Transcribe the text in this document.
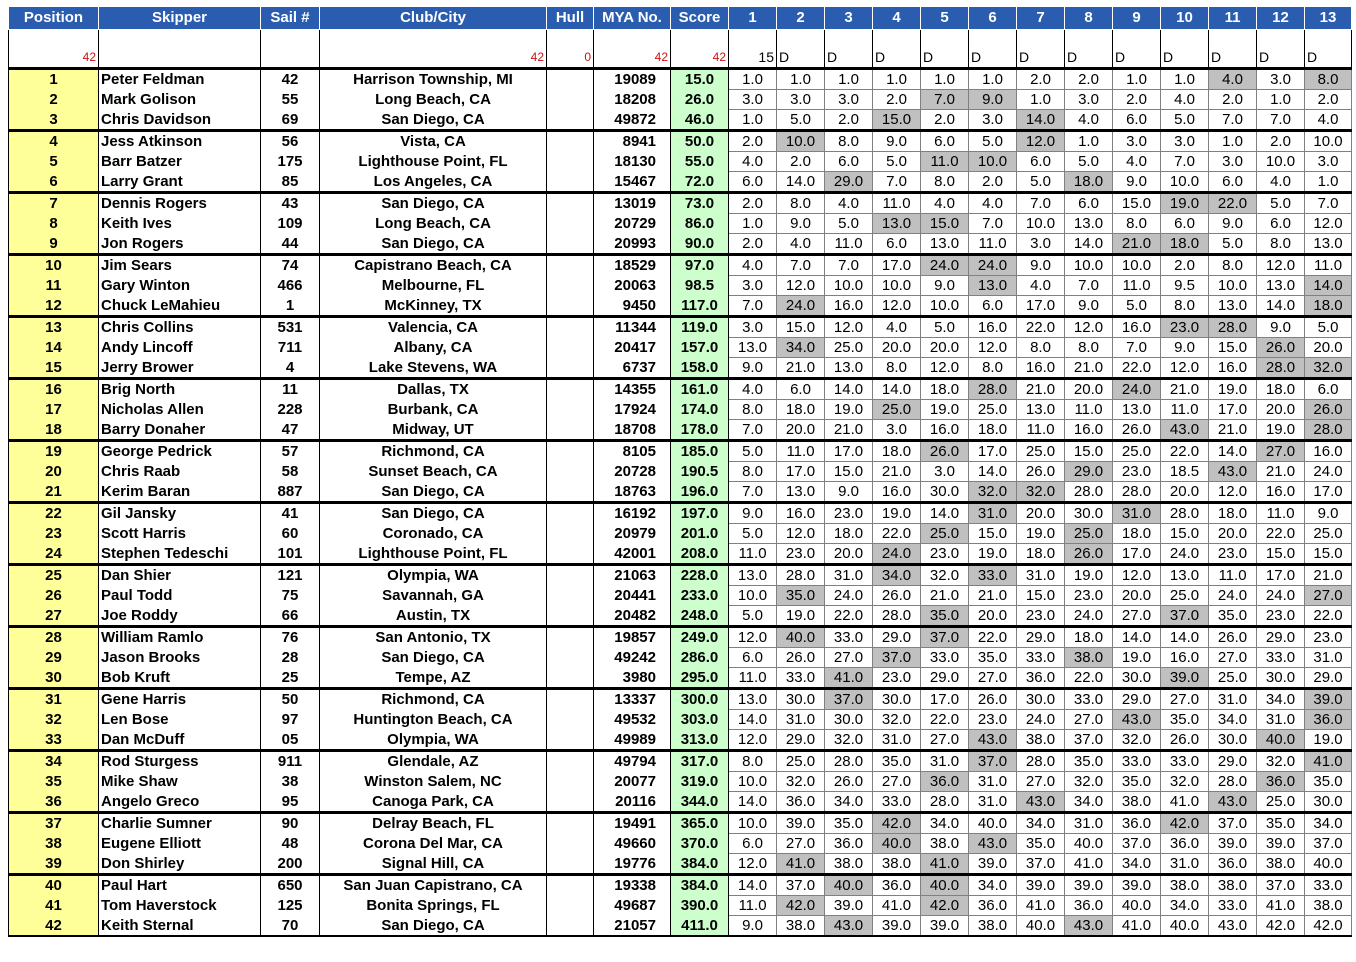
Position	Skipper	Sail #	Club/City	Hull	MYA No.	Score	1	2	3	4	5	6	7	8	9	10	11	12	13
42			42	0	42	42	15	D	D	D	D	D	D	D	D	D	D	D	D
1	Peter Feldman	42	Harrison Township, MI		19089	15.0	1.0	1.0	1.0	1.0	1.0	1.0	2.0	2.0	1.0	1.0	4.0	3.0	8.0
2	Mark Golison	55	Long Beach, CA		18208	26.0	3.0	3.0	3.0	2.0	7.0	9.0	1.0	3.0	2.0	4.0	2.0	1.0	2.0
3	Chris Davidson	69	San Diego, CA		49872	46.0	1.0	5.0	2.0	15.0	2.0	3.0	14.0	4.0	6.0	5.0	7.0	7.0	4.0
4	Jess Atkinson	56	Vista, CA		8941	50.0	2.0	10.0	8.0	9.0	6.0	5.0	12.0	1.0	3.0	3.0	1.0	2.0	10.0
5	Barr Batzer	175	Lighthouse Point, FL		18130	55.0	4.0	2.0	6.0	5.0	11.0	10.0	6.0	5.0	4.0	7.0	3.0	10.0	3.0
6	Larry Grant	85	Los Angeles, CA		15467	72.0	6.0	14.0	29.0	7.0	8.0	2.0	5.0	18.0	9.0	10.0	6.0	4.0	1.0
7	Dennis Rogers	43	San Diego, CA		13019	73.0	2.0	8.0	4.0	11.0	4.0	4.0	7.0	6.0	15.0	19.0	22.0	5.0	7.0
8	Keith Ives	109	Long Beach, CA		20729	86.0	1.0	9.0	5.0	13.0	15.0	7.0	10.0	13.0	8.0	6.0	9.0	6.0	12.0
9	Jon Rogers	44	San Diego, CA		20993	90.0	2.0	4.0	11.0	6.0	13.0	11.0	3.0	14.0	21.0	18.0	5.0	8.0	13.0
10	Jim Sears	74	Capistrano Beach, CA		18529	97.0	4.0	7.0	7.0	17.0	24.0	24.0	9.0	10.0	10.0	2.0	8.0	12.0	11.0
11	Gary Winton	466	Melbourne, FL		20063	98.5	3.0	12.0	10.0	10.0	9.0	13.0	4.0	7.0	11.0	9.5	10.0	13.0	14.0
12	Chuck LeMahieu	1	McKinney, TX		9450	117.0	7.0	24.0	16.0	12.0	10.0	6.0	17.0	9.0	5.0	8.0	13.0	14.0	18.0
13	Chris Collins	531	Valencia, CA		11344	119.0	3.0	15.0	12.0	4.0	5.0	16.0	22.0	12.0	16.0	23.0	28.0	9.0	5.0
14	Andy Lincoff	711	Albany, CA		20417	157.0	13.0	34.0	25.0	20.0	20.0	12.0	8.0	8.0	7.0	9.0	15.0	26.0	20.0
15	Jerry Brower	4	Lake Stevens, WA		6737	158.0	9.0	21.0	13.0	8.0	12.0	8.0	16.0	21.0	22.0	12.0	16.0	28.0	32.0
16	Brig North	11	Dallas, TX		14355	161.0	4.0	6.0	14.0	14.0	18.0	28.0	21.0	20.0	24.0	21.0	19.0	18.0	6.0
17	Nicholas Allen	228	Burbank, CA		17924	174.0	8.0	18.0	19.0	25.0	19.0	25.0	13.0	11.0	13.0	11.0	17.0	20.0	26.0
18	Barry Donaher	47	Midway, UT		18708	178.0	7.0	20.0	21.0	3.0	16.0	18.0	11.0	16.0	26.0	43.0	21.0	19.0	28.0
19	George Pedrick	57	Richmond, CA		8105	185.0	5.0	11.0	17.0	18.0	26.0	17.0	25.0	15.0	25.0	22.0	14.0	27.0	16.0
20	Chris Raab	58	Sunset Beach, CA		20728	190.5	8.0	17.0	15.0	21.0	3.0	14.0	26.0	29.0	23.0	18.5	43.0	21.0	24.0
21	Kerim Baran	887	San Diego, CA		18763	196.0	7.0	13.0	9.0	16.0	30.0	32.0	32.0	28.0	28.0	20.0	12.0	16.0	17.0
22	Gil Jansky	41	San Diego, CA		16192	197.0	9.0	16.0	23.0	19.0	14.0	31.0	20.0	30.0	31.0	28.0	18.0	11.0	9.0
23	Scott Harris	60	Coronado, CA		20979	201.0	5.0	12.0	18.0	22.0	25.0	15.0	19.0	25.0	18.0	15.0	20.0	22.0	25.0
24	Stephen Tedeschi	101	Lighthouse Point, FL		42001	208.0	11.0	23.0	20.0	24.0	23.0	19.0	18.0	26.0	17.0	24.0	23.0	15.0	15.0
25	Dan Shier	121	Olympia, WA		21063	228.0	13.0	28.0	31.0	34.0	32.0	33.0	31.0	19.0	12.0	13.0	11.0	17.0	21.0
26	Paul Todd	75	Savannah, GA		20441	233.0	10.0	35.0	24.0	26.0	21.0	21.0	15.0	23.0	20.0	25.0	24.0	24.0	27.0
27	Joe Roddy	66	Austin, TX		20482	248.0	5.0	19.0	22.0	28.0	35.0	20.0	23.0	24.0	27.0	37.0	35.0	23.0	22.0
28	William Ramlo	76	San Antonio, TX		19857	249.0	12.0	40.0	33.0	29.0	37.0	22.0	29.0	18.0	14.0	14.0	26.0	29.0	23.0
29	Jason Brooks	28	San Diego, CA		49242	286.0	6.0	26.0	27.0	37.0	33.0	35.0	33.0	38.0	19.0	16.0	27.0	33.0	31.0
30	Bob Kruft	25	Tempe, AZ		3980	295.0	11.0	33.0	41.0	23.0	29.0	27.0	36.0	22.0	30.0	39.0	25.0	30.0	29.0
31	Gene Harris	50	Richmond, CA		13337	300.0	13.0	30.0	37.0	30.0	17.0	26.0	30.0	33.0	29.0	27.0	31.0	34.0	39.0
32	Len Bose	97	Huntington Beach, CA		49532	303.0	14.0	31.0	30.0	32.0	22.0	23.0	24.0	27.0	43.0	35.0	34.0	31.0	36.0
33	Dan McDuff	05	Olympia, WA		49989	313.0	12.0	29.0	32.0	31.0	27.0	43.0	38.0	37.0	32.0	26.0	30.0	40.0	19.0
34	Rod Sturgess	911	Glendale, AZ		49794	317.0	8.0	25.0	28.0	35.0	31.0	37.0	28.0	35.0	33.0	33.0	29.0	32.0	41.0
35	Mike Shaw	38	Winston Salem, NC		20077	319.0	10.0	32.0	26.0	27.0	36.0	31.0	27.0	32.0	35.0	32.0	28.0	36.0	35.0
36	Angelo Greco	95	Canoga Park, CA		20116	344.0	14.0	36.0	34.0	33.0	28.0	31.0	43.0	34.0	38.0	41.0	43.0	25.0	30.0
37	Charlie Sumner	90	Delray Beach, FL		19491	365.0	10.0	39.0	35.0	42.0	34.0	40.0	34.0	31.0	36.0	42.0	37.0	35.0	34.0
38	Eugene Elliott	48	Corona Del Mar, CA		49660	370.0	6.0	27.0	36.0	40.0	38.0	43.0	35.0	40.0	37.0	36.0	39.0	39.0	37.0
39	Don Shirley	200	Signal Hill, CA		19776	384.0	12.0	41.0	38.0	38.0	41.0	39.0	37.0	41.0	34.0	31.0	36.0	38.0	40.0
40	Paul Hart	650	San Juan Capistrano, CA		19338	384.0	14.0	37.0	40.0	36.0	40.0	34.0	39.0	39.0	39.0	38.0	38.0	37.0	33.0
41	Tom Haverstock	125	Bonita Springs, FL		49687	390.0	11.0	42.0	39.0	41.0	42.0	36.0	41.0	36.0	40.0	34.0	33.0	41.0	38.0
42	Keith Sternal	70	San Diego, CA		21057	411.0	9.0	38.0	43.0	39.0	39.0	38.0	40.0	43.0	41.0	40.0	43.0	42.0	42.0
